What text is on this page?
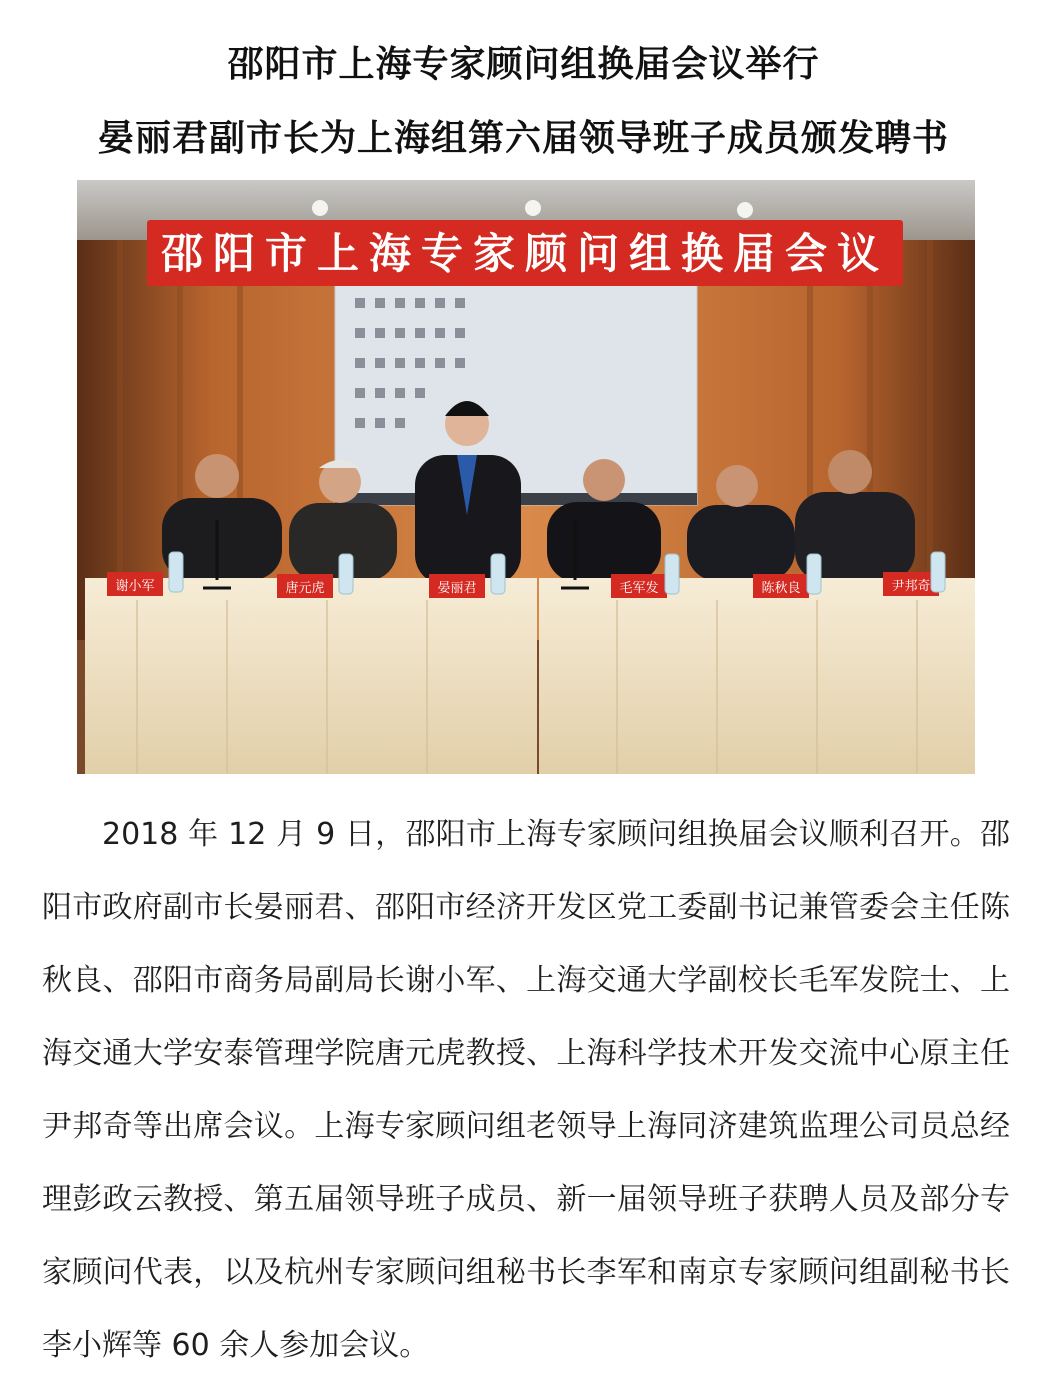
邵阳市上海专家顾问组换届会议举行
晏丽君副市长为上海组第六届领导班子成员颁发聘书
邵阳市上海专家顾问组换届会议
谢小军	唐元虎	晏丽君	毛军发	陈秋良	尹邦奇

2018 年 12 月 9 日，邵阳市上海专家顾问组换届会议顺利召开。邵阳市政府副市长晏丽君、邵阳市经济开发区党工委副书记兼管委会主任陈秋良、邵阳市商务局副局长谢小军、上海交通大学副校长毛军发院士、上海交通大学安泰管理学院唐元虎教授、上海科学技术开发交流中心原主任尹邦奇等出席会议。上海专家顾问组老领导上海同济建筑监理公司员总经理彭政云教授、第五届领导班子成员、新一届领导班子获聘人员及部分专家顾问代表，以及杭州专家顾问组秘书长李军和南京专家顾问组副秘书长李小辉等 60 余人参加会议。
